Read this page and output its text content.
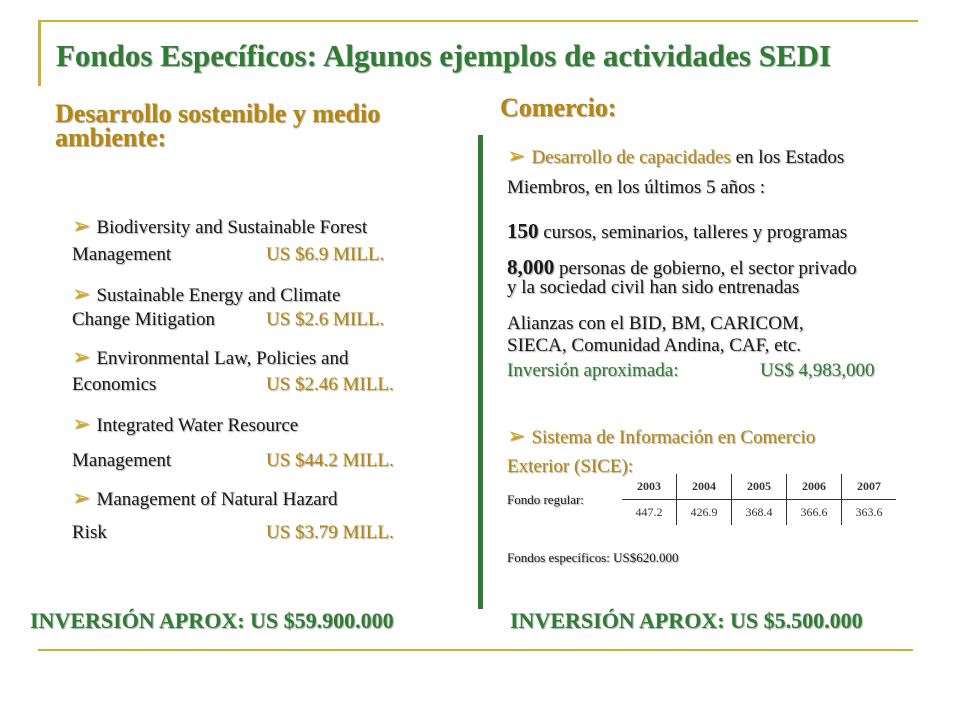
Fondos Específicos: Algunos ejemplos de actividades SEDI
Desarrollo sostenible y medio ambiente:
➢ Biodiversity and Sustainable Forest
Management	US $6.9 MILL.
➢ Sustainable Energy and Climate
Change Mitigation	US $2.6 MILL.
➢ Environmental Law, Policies and
Economics	US $2.46 MILL.
➢ Integrated Water Resource
Management	US $44.2 MILL.
➢ Management of Natural Hazard
Risk	US $3.79 MILL.

INVERSIÓN APROX: US $59.900.000

Comercio:
➢ Desarrollo de capacidades en los Estados
Miembros, en los últimos 5 años :
150 cursos, seminarios, talleres y programas
8,000 personas de gobierno, el sector privado
y la sociedad civil han sido entrenadas
Alianzas con el BID, BM, CARICOM,
SIECA, Comunidad Andina, CAF, etc.
Inversión aproximada:	US$ 4,983,000
➢ Sistema de Información en Comercio
Exterior (SICE):
Fondo regular:
2003	2004	2005	2006	2007
447.2	426.9	368.4	366.6	363.6
Fondos específicos: US$620.000

INVERSIÓN APROX: US $5.500.000
